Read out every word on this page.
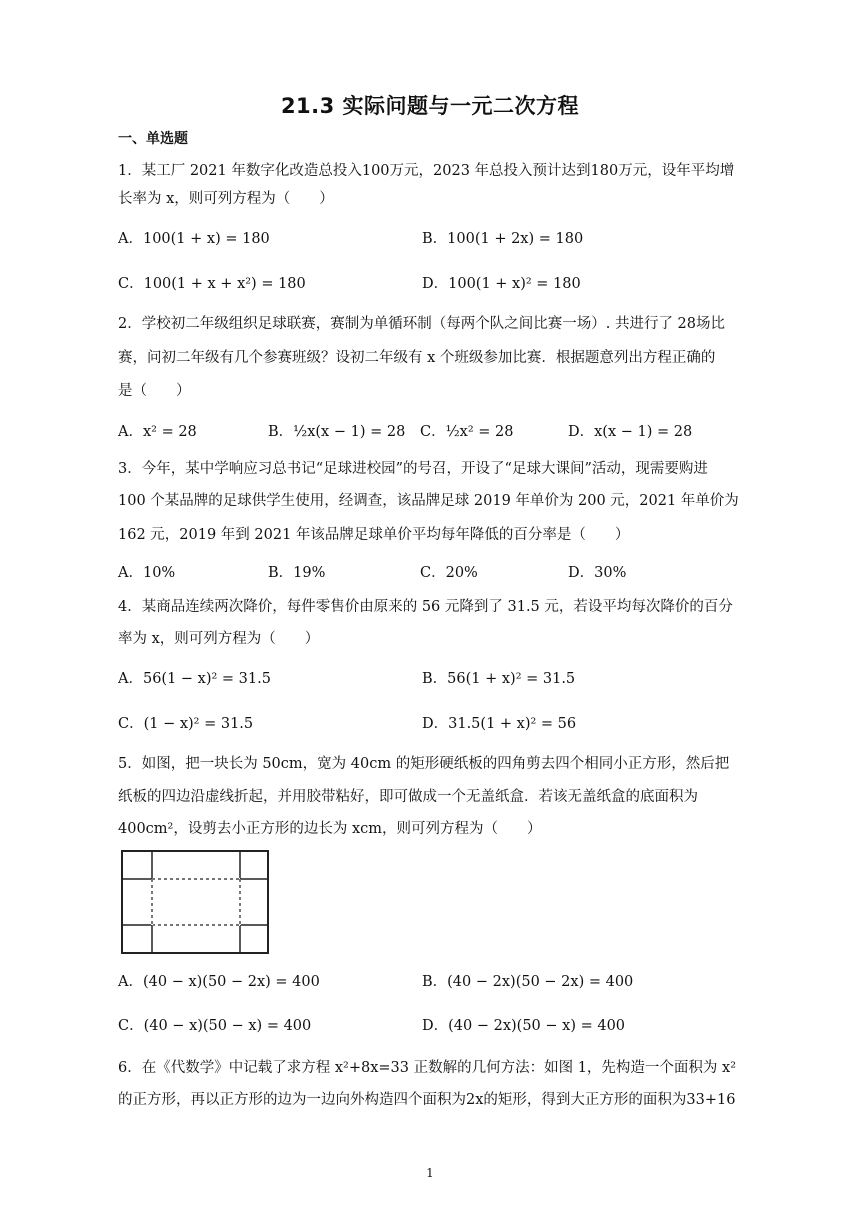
21.3 实际问题与一元二次方程
一、单选题
1．某工厂 2021 年数字化改造总投入100万元，2023 年总投入预计达到180万元，设年平均增
长率为 x，则可列方程为（　　）
A．100(1 + x) = 180	B．100(1 + 2x) = 180
C．100(1 + x + x²) = 180	D．100(1 + x)² = 180
2．学校初二年级组织足球联赛，赛制为单循环制（每两个队之间比赛一场）. 共进行了 28场比
赛，问初二年级有几个参赛班级？设初二年级有 x 个班级参加比赛．根据题意列出方程正确的
是（　　）
A．x² = 28	B．½x(x − 1) = 28 C．½x² = 28	D．x(x − 1) = 28
3．今年，某中学响应习总书记“足球进校园”的号召，开设了“足球大课间”活动，现需要购进
100 个某品牌的足球供学生使用，经调查，该品牌足球 2019 年单价为 200 元，2021 年单价为
162 元，2019 年到 2021 年该品牌足球单价平均每年降低的百分率是（　　）
A．10%	B．19%	C．20%	D．30%
4．某商品连续两次降价，每件零售价由原来的 56 元降到了 31.5 元，若设平均每次降价的百分
率为 x，则可列方程为（　　）
A．56(1 − x)² = 31.5	B．56(1 + x)² = 31.5
C．(1 − x)² = 31.5	D．31.5(1 + x)² = 56
5．如图，把一块长为 50cm，宽为 40cm 的矩形硬纸板的四角剪去四个相同小正方形，然后把
纸板的四边沿虚线折起，并用胶带粘好，即可做成一个无盖纸盒．若该无盖纸盒的底面积为
400cm²，设剪去小正方形的边长为 xcm，则可列方程为（　　）
A．(40 − x)(50 − 2x) = 400	B．(40 − 2x)(50 − 2x) = 400
C．(40 − x)(50 − x) = 400	D．(40 − 2x)(50 − x) = 400
6．在《代数学》中记载了求方程 x²+8x=33 正数解的几何方法：如图 1，先构造一个面积为 x²
的正方形，再以正方形的边为一边向外构造四个面积为2x的矩形，得到大正方形的面积为33+16
1
